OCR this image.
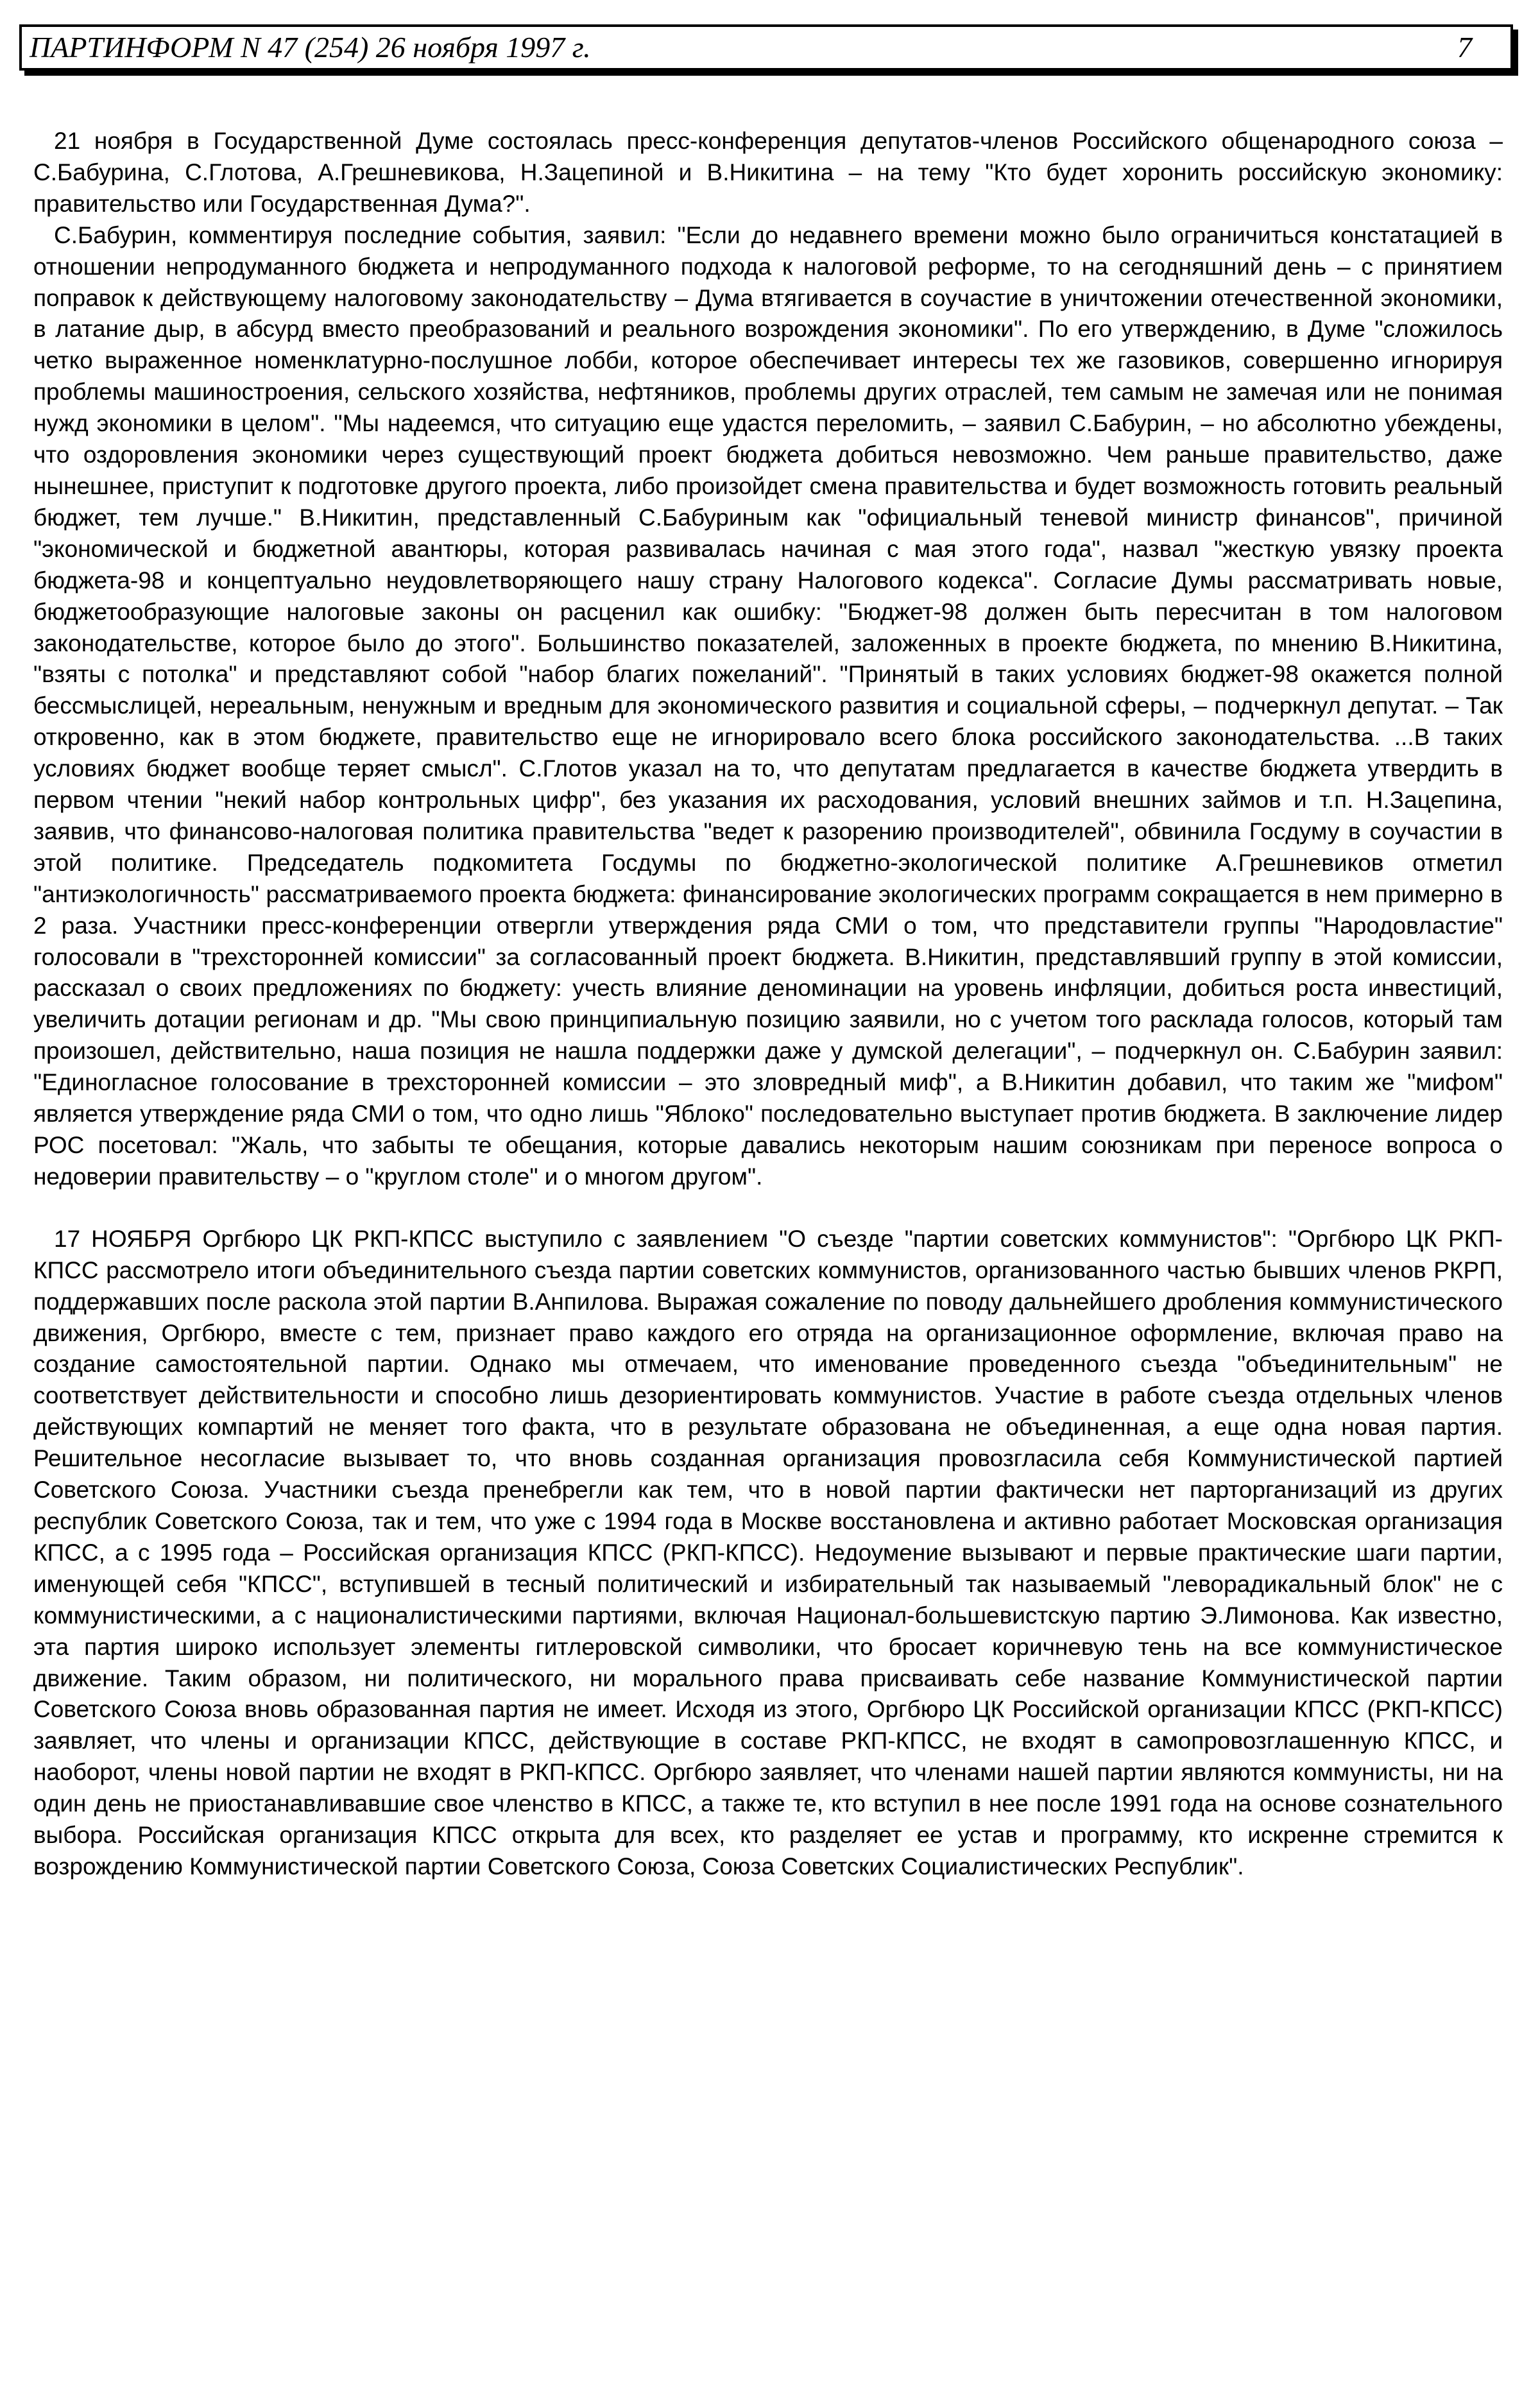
ПАРТИНФОРМ N 47 (254) 26 ноября 1997 г.	7

21 ноября в Государственной Думе состоялась пресс-конференция депутатов-членов Российского общенародного союза – С.Бабурина, С.Глотова, А.Грешневикова, Н.Зацепиной и В.Никитина – на тему "Кто будет хоронить российскую экономику: правительство или Государственная Дума?".

С.Бабурин, комментируя последние события, заявил: "Если до недавнего времени можно было ограничиться констатацией в отношении непродуманного бюджета и непродуманного подхода к налоговой реформе, то на сегодняшний день – с принятием поправок к действующему налоговому законодательству – Дума втягивается в соучастие в уничтожении отечественной экономики, в латание дыр, в абсурд вместо преобразований и реального возрождения экономики". По его утверждению, в Думе "сложилось четко выраженное номенклатурно-послушное лобби, которое обеспечивает интересы тех же газовиков, совершенно игнорируя проблемы машиностроения, сельского хозяйства, нефтяников, проблемы других отраслей, тем самым не замечая или не понимая нужд экономики в целом". "Мы надеемся, что ситуацию еще удастся переломить, – заявил С.Бабурин, – но абсолютно убеждены, что оздоровления экономики через существующий проект бюджета добиться невозможно. Чем раньше правительство, даже нынешнее, приступит к подготовке другого проекта, либо произойдет смена правительства и будет возможность готовить реальный бюджет, тем лучше." В.Никитин, представленный С.Бабуриным как "официальный теневой министр финансов", причиной "экономической и бюджетной авантюры, которая развивалась начиная с мая этого года", назвал "жесткую увязку проекта бюджета-98 и концептуально неудовлетворяющего нашу страну Налогового кодекса". Согласие Думы рассматривать новые, бюджетообразующие налоговые законы он расценил как ошибку: "Бюджет-98 должен быть пересчитан в том налоговом законодательстве, которое было до этого". Большинство показателей, заложенных в проекте бюджета, по мнению В.Никитина, "взяты с потолка" и представляют собой "набор благих пожеланий". "Принятый в таких условиях бюджет-98 окажется полной бессмыслицей, нереальным, ненужным и вредным для экономического развития и социальной сферы, – подчеркнул депутат. – Так откровенно, как в этом бюджете, правительство еще не игнорировало всего блока российского законодательства. ...В таких условиях бюджет вообще теряет смысл". С.Глотов указал на то, что депутатам предлагается в качестве бюджета утвердить в первом чтении "некий набор контрольных цифр", без указания их расходования, условий внешних займов и т.п. Н.Зацепина, заявив, что финансово-налоговая политика правительства "ведет к разорению производителей", обвинила Госдуму в соучастии в этой политике. Председатель подкомитета Госдумы по бюджетно-экологической политике А.Грешневиков отметил "антиэкологичность" рассматриваемого проекта бюджета: финансирование экологических программ сокращается в нем примерно в 2 раза. Участники пресс-конференции отвергли утверждения ряда СМИ о том, что представители группы "Народовластие" голосовали в "трехсторонней комиссии" за согласованный проект бюджета. В.Никитин, представлявший группу в этой комиссии, рассказал о своих предложениях по бюджету: учесть влияние деноминации на уровень инфляции, добиться роста инвестиций, увеличить дотации регионам и др. "Мы свою принципиальную позицию заявили, но с учетом того расклада голосов, который там произошел, действительно, наша позиция не нашла поддержки даже у думской делегации", – подчеркнул он. С.Бабурин заявил: "Единогласное голосование в трехсторонней комиссии – это зловредный миф", а В.Никитин добавил, что таким же "мифом" является утверждение ряда СМИ о том, что одно лишь "Яблоко" последовательно выступает против бюджета. В заключение лидер РОС посетовал: "Жаль, что забыты те обещания, которые давались некоторым нашим союзникам при переносе вопроса о недоверии правительству – о "круглом столе" и о многом другом".

17 НОЯБРЯ Оргбюро ЦК РКП-КПСС выступило с заявлением "О съезде "партии советских коммунистов": "Оргбюро ЦК РКП-КПСС рассмотрело итоги объединительного съезда партии советских коммунистов, организованного частью бывших членов РКРП, поддержавших после раскола этой партии В.Анпилова. Выражая сожаление по поводу дальнейшего дробления коммунистического движения, Оргбюро, вместе с тем, признает право каждого его отряда на организационное оформление, включая право на создание самостоятельной партии. Однако мы отмечаем, что именование проведенного съезда "объединительным" не соответствует действительности и способно лишь дезориентировать коммунистов. Участие в работе съезда отдельных членов действующих компартий не меняет того факта, что в результате образована не объединенная, а еще одна новая партия. Решительное несогласие вызывает то, что вновь созданная организация провозгласила себя Коммунистической партией Советского Союза. Участники съезда пренебрегли как тем, что в новой партии фактически нет парторганизаций из других республик Советского Союза, так и тем, что уже с 1994 года в Москве восстановлена и активно работает Московская организация КПСС, а с 1995 года – Российская организация КПСС (РКП-КПСС). Недоумение вызывают и первые практические шаги партии, именующей себя "КПСС", вступившей в тесный политический и избирательный так называемый "леворадикальный блок" не с коммунистическими, а с националистическими партиями, включая Национал-большевистскую партию Э.Лимонова. Как известно, эта партия широко использует элементы гитлеровской символики, что бросает коричневую тень на все коммунистическое движение. Таким образом, ни политического, ни морального права присваивать себе название Коммунистической партии Советского Союза вновь образованная партия не имеет. Исходя из этого, Оргбюро ЦК Российской организации КПСС (РКП-КПСС) заявляет, что члены и организации КПСС, действующие в составе РКП-КПСС, не входят в самопровозглашенную КПСС, и наоборот, члены новой партии не входят в РКП-КПСС. Оргбюро заявляет, что членами нашей партии являются коммунисты, ни на один день не приостанавливавшие свое членство в КПСС, а также те, кто вступил в нее после 1991 года на основе сознательного выбора. Российская организация КПСС открыта для всех, кто разделяет ее устав и программу, кто искренне стремится к возрождению Коммунистической партии Советского Союза, Союза Советских Социалистических Республик".
